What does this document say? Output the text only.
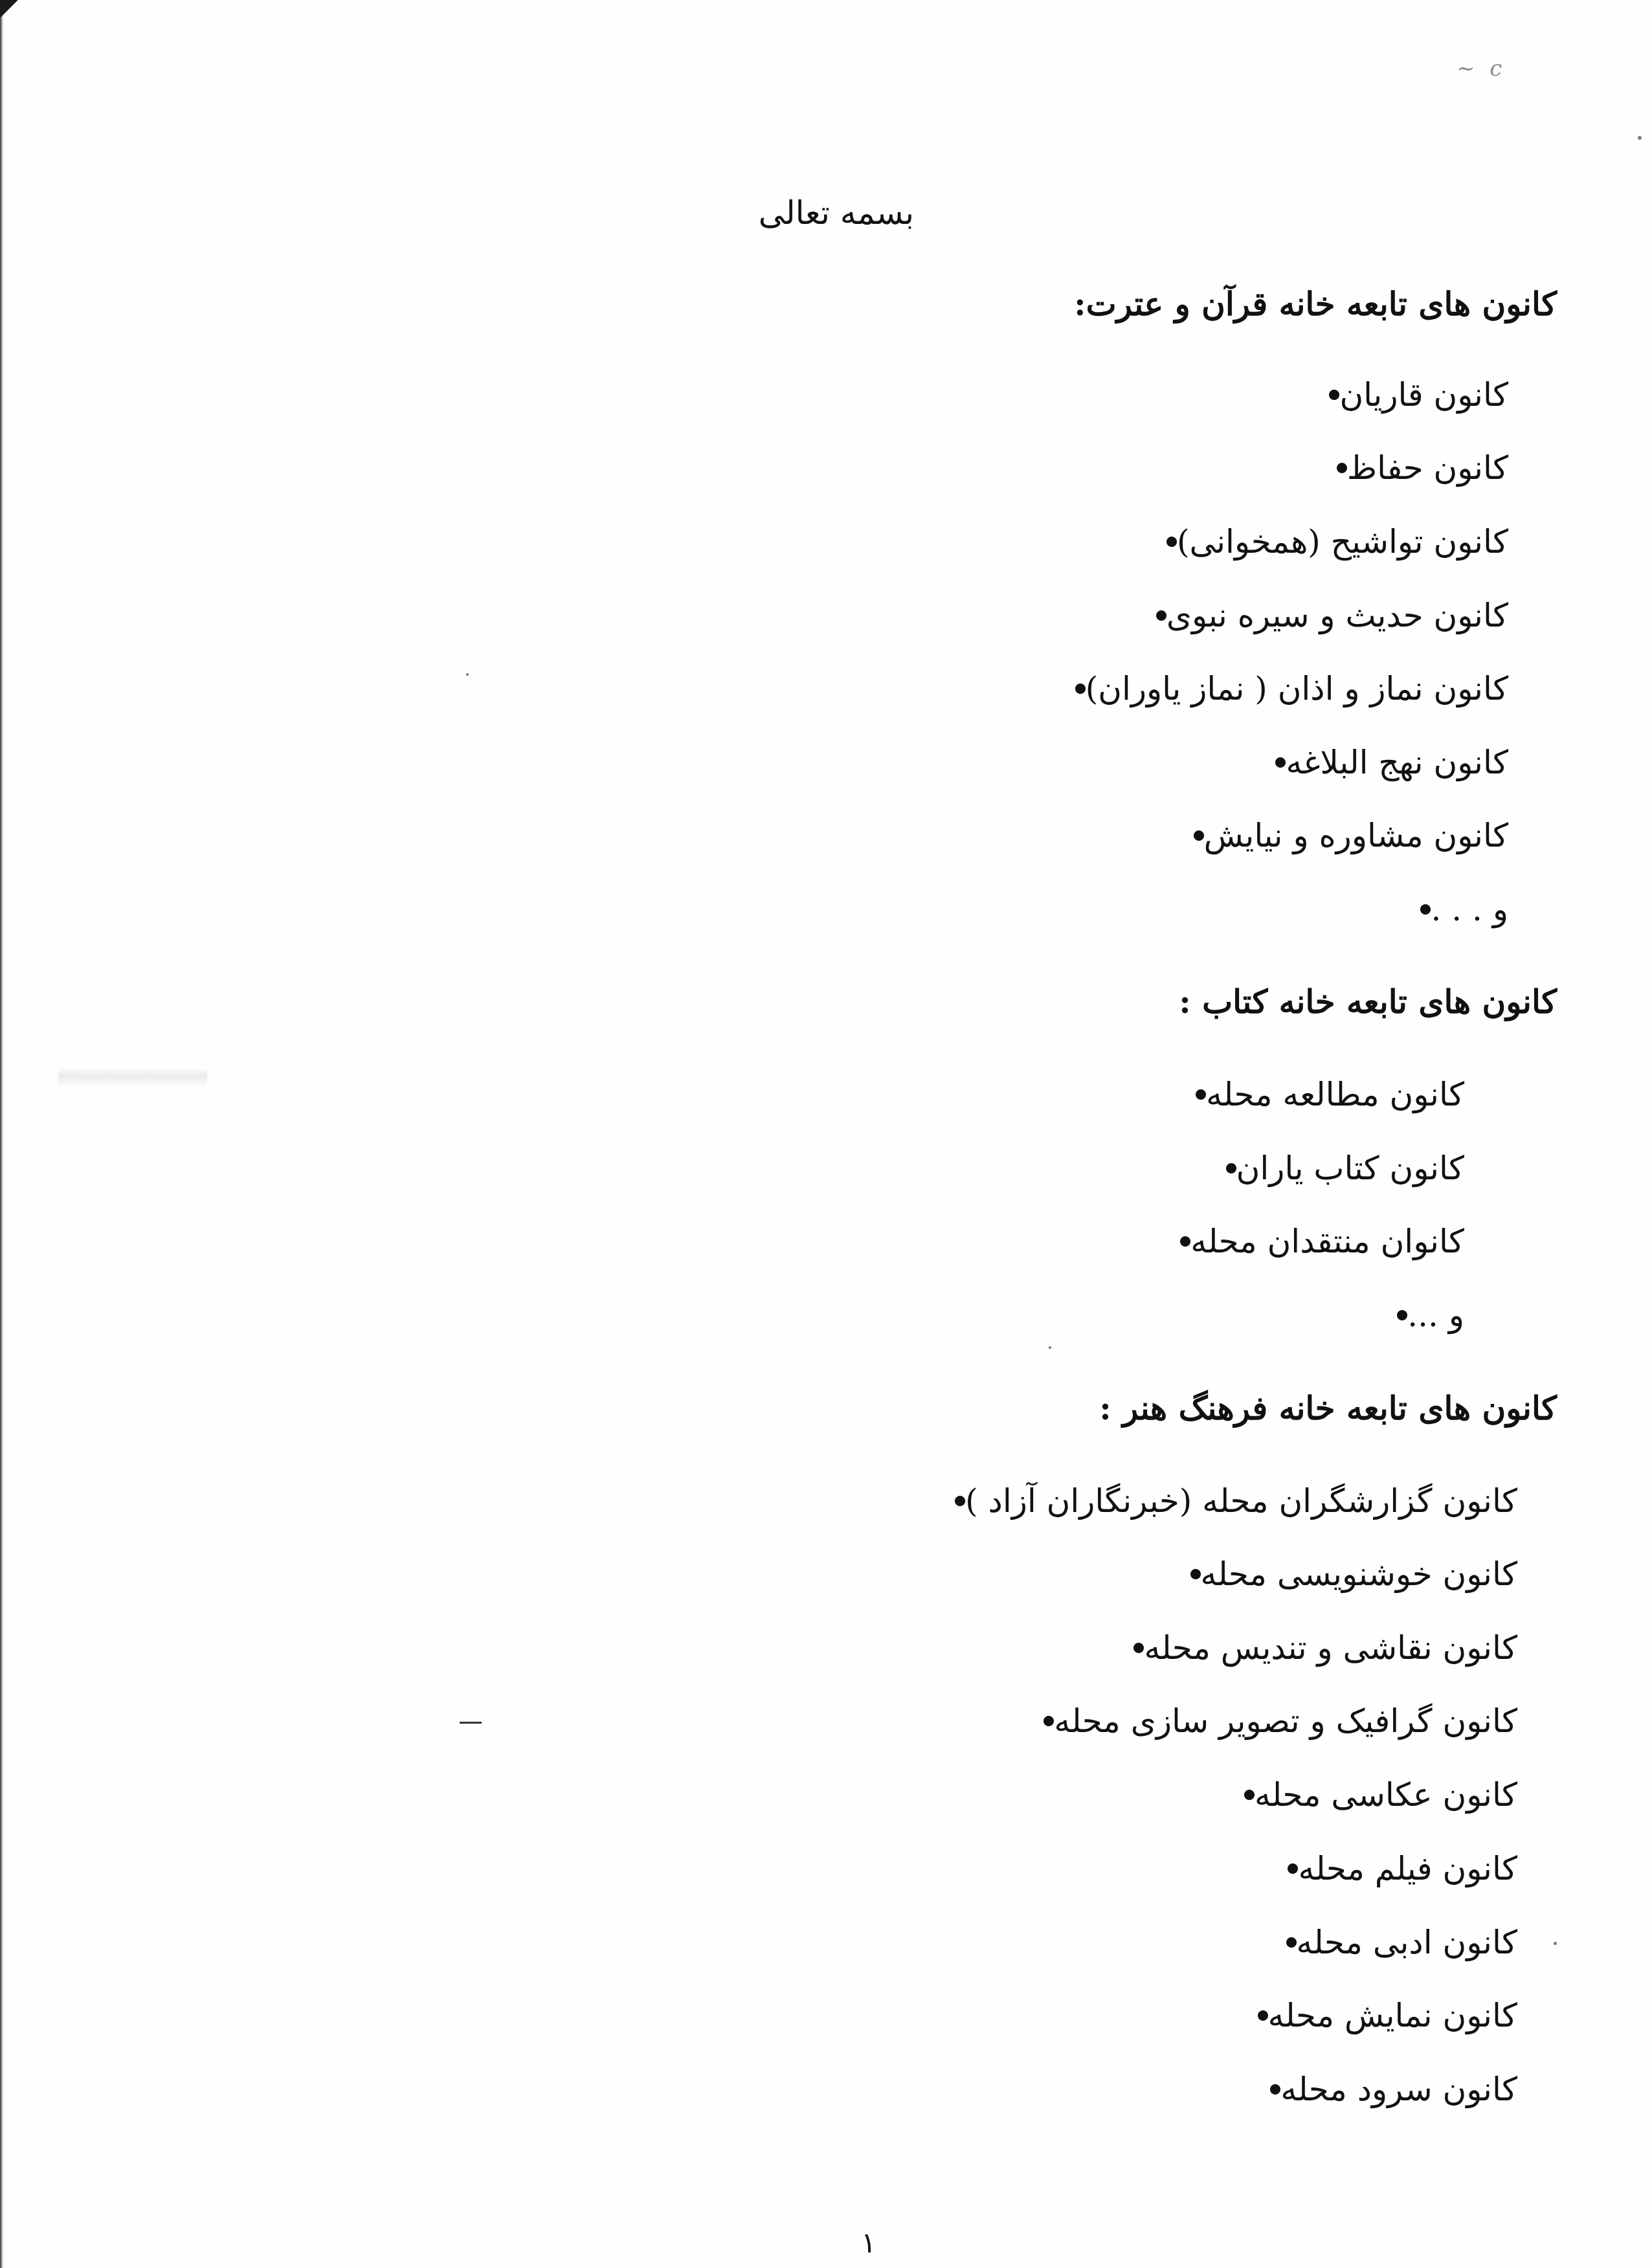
~ c
بسمه تعالی
کانون های تابعه خانه قرآن و عترت:
کانون قاریان
کانون حفاظ
کانون تواشیح (همخوانی)
کانون حدیث و سیره نبوی
کانون نماز و اذان ( نماز یاوران)
کانون نهج البلاغه
کانون مشاوره و نیایش
و . . .
کانون های تابعه خانه کتاب :
کانون مطالعه محله
کانون کتاب یاران
کانوان منتقدان محله
و ...
کانون های تابعه خانه فرهنگ هنر :
کانون گزارشگران محله (خبرنگاران آزاد )
کانون خوشنویسی محله
کانون نقاشی و تندیس محله
کانون گرافیک و تصویر سازی محله
کانون عکاسی محله
کانون فیلم محله
کانون ادبی محله
کانون نمایش محله
کانون سرود محله
۱
